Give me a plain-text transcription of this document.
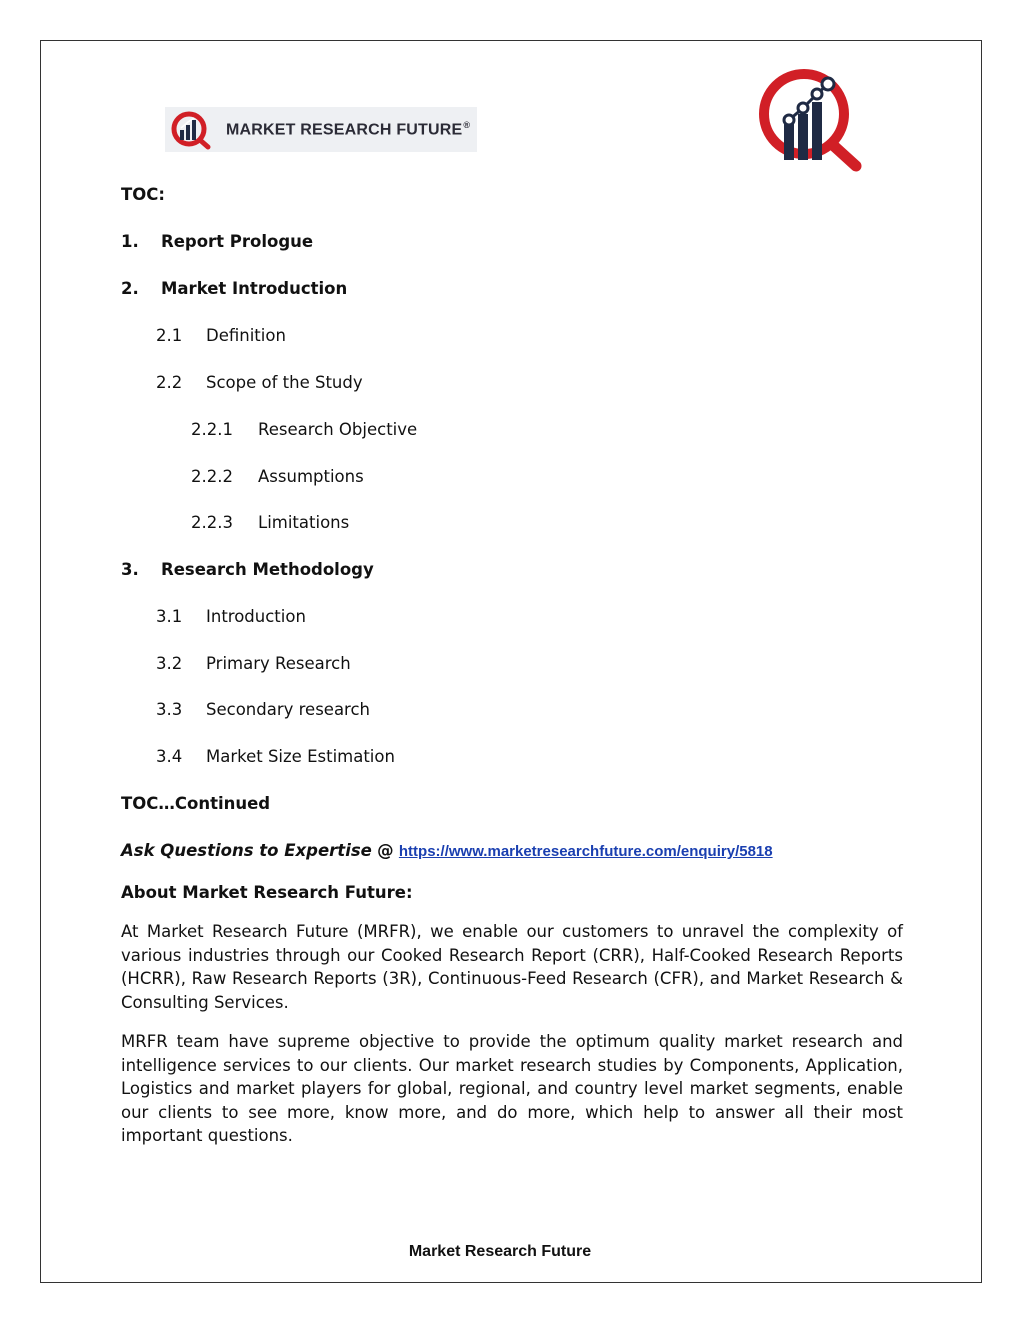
MARKET RESEARCH FUTURE®
TOC:
1. Report Prologue
2. Market Introduction
2.1 Definition
2.2 Scope of the Study
2.2.1 Research Objective
2.2.2 Assumptions
2.2.3 Limitations
3. Research Methodology
3.1 Introduction
3.2 Primary Research
3.3 Secondary research
3.4 Market Size Estimation
TOC…Continued
Ask Questions to Expertise @ https://www.marketresearchfuture.com/enquiry/5818
About Market Research Future:

At Market Research Future (MRFR), we enable our customers to unravel the complexity of various industries through our Cooked Research Report (CRR), Half-Cooked Research Reports (HCRR), Raw Research Reports (3R), Continuous-Feed Research (CFR), and Market Research & Consulting Services.

MRFR team have supreme objective to provide the optimum quality market research and intelligence services to our clients. Our market research studies by Components, Application, Logistics and market players for global, regional, and country level market segments, enable our clients to see more, know more, and do more, which help to answer all their most important questions.

Market Research Future
